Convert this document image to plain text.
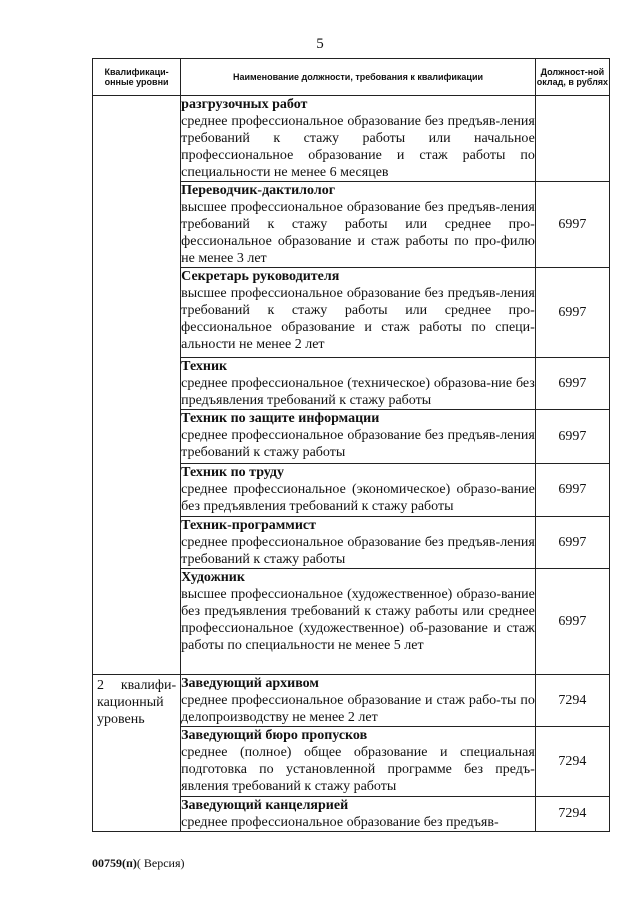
5
Квалификаци-онные уровни	Наименование должности, требования к квалификации	Должност-ной оклад, в рублях

	разгрузочных работ
среднее профессиональное образование без предъяв-ления требований к стажу работы или начальное профессиональное образование и стаж работы по специальности не менее 6 месяцев	

	Переводчик-дактилолог
высшее профессиональное образование без предъяв-ления требований к стажу работы или среднее про-фессиональное образование и стаж работы по про-филю не менее 3 лет	6997

	Секретарь руководителя
высшее профессиональное образование без предъяв-ления требований к стажу работы или среднее про-фессиональное образование и стаж работы по специ-альности не менее 2 лет	6997

	Техник
среднее профессиональное (техническое) образова-ние без предъявления требований к стажу работы	6997

	Техник по защите информации
среднее профессиональное образование без предъяв-ления требований к стажу работы	6997

	Техник по труду
среднее профессиональное (экономическое) образо-вание без предъявления требований к стажу работы	6997

	Техник-программист
среднее профессиональное образование без предъяв-ления требований к стажу работы	6997

	Художник
высшее профессиональное (художественное) образо-вание без предъявления требований к стажу работы или среднее профессиональное (художественное) об-разование и стаж работы по специальности не менее 5 лет	6997
2 квалифи-кационный уровень	Заведующий архивом
среднее профессиональное образование и стаж рабо-ты по делопроизводству не менее 2 лет	7294

	Заведующий бюро пропусков
среднее (полное) общее образование и специальная подготовка по установленной программе без предъ-явления требований к стажу работы	7294

	Заведующий канцелярией
среднее профессиональное образование без предъяв-	7294
00759(п)( Версия)
